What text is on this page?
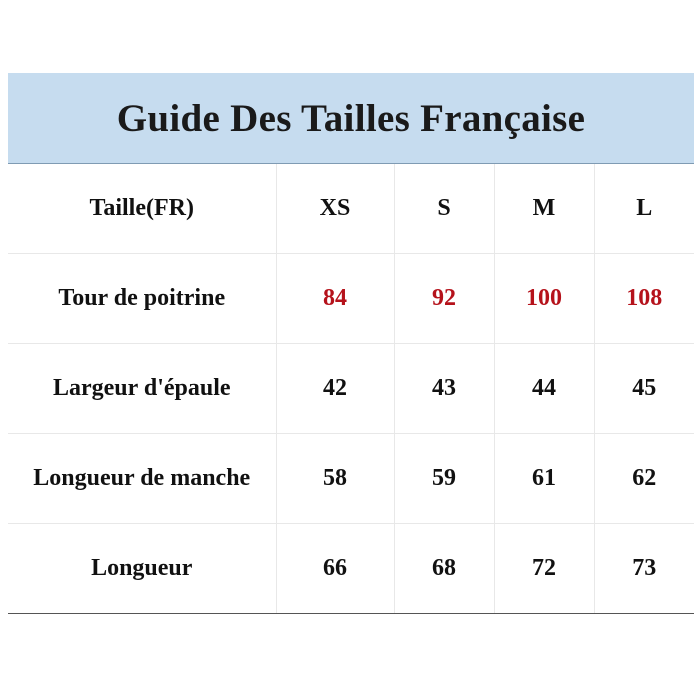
Guide Des Tailles Française
Taille(FR)	XS	S	M	L
Tour de poitrine	84	92	100	108
Largeur d'épaule	42	43	44	45
Longueur de manche	58	59	61	62
Longueur	66	68	72	73
